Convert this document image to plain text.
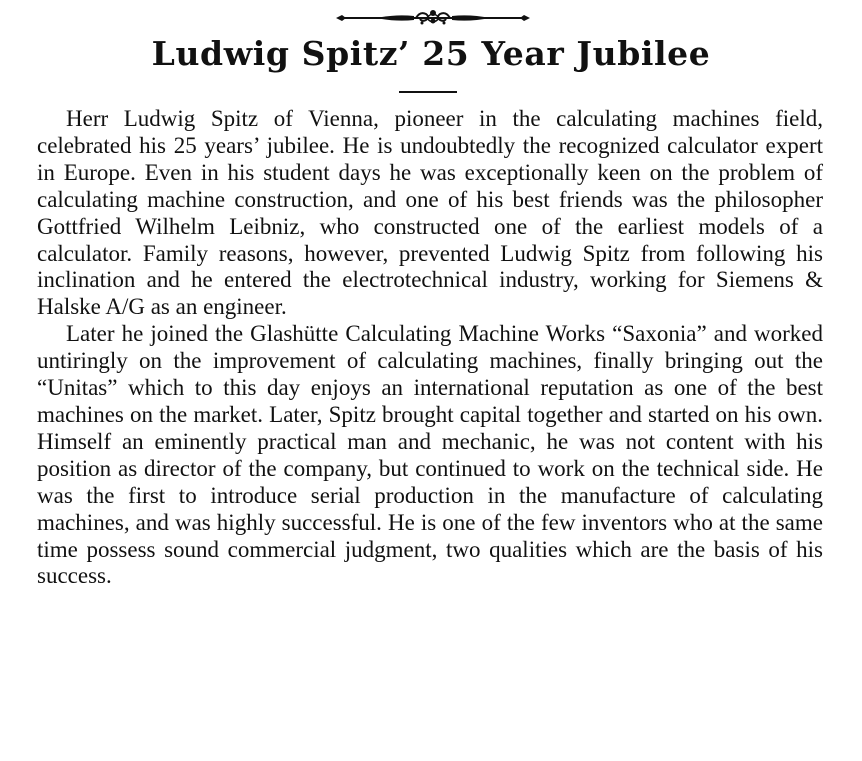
Ludwig Spitz’ 25 Year Jubilee

Herr Ludwig Spitz of Vienna, pioneer in the calculating machines field, celebrated his 25 years’ jubilee. He is undoubtedly the recognized calculator expert in Europe. Even in his student days he was exceptionally keen on the problem of calculating machine construction, and one of his best friends was the philosopher Gottfried Wilhelm Leibniz, who constructed one of the earliest models of a calculator. Family reasons, however, prevented Ludwig Spitz from following his inclination and he entered the electrotechnical industry, working for Siemens & Halske A/G as an engineer.

Later he joined the Glashütte Calculating Machine Works “Saxonia” and worked untiringly on the improvement of calculating machines, finally bringing out the “Unitas” which to this day enjoys an international reputation as one of the best machines on the market. Later, Spitz brought capital together and started on his own. Himself an eminently practical man and mechanic, he was not content with his position as director of the company, but continued to work on the technical side. He was the first to introduce serial production in the manufacture of calculating machines, and was highly successful. He is one of the few inventors who at the same time possess sound commercial judgment, two qualities which are the basis of his success.
